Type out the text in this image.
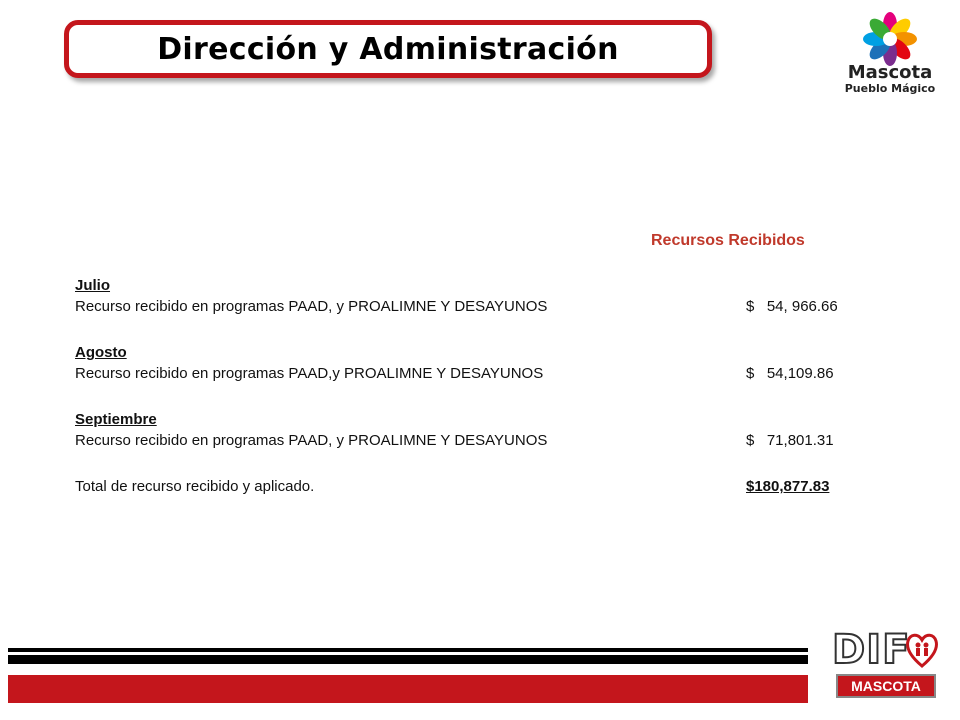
Dirección y Administración
Mascota
Pueblo Mágico
Recursos Recibidos
Julio
Recurso recibido en programas PAAD, y PROALIMNE Y DESAYUNOS	$   54, 966.66
Agosto
Recurso recibido en programas PAAD,y PROALIMNE Y DESAYUNOS	$   54,109.86
Septiembre
Recurso recibido en programas PAAD, y PROALIMNE Y DESAYUNOS	$   71,801.31
Total de recurso recibido y aplicado.	$180,877.83
DIF
MASCOTA
